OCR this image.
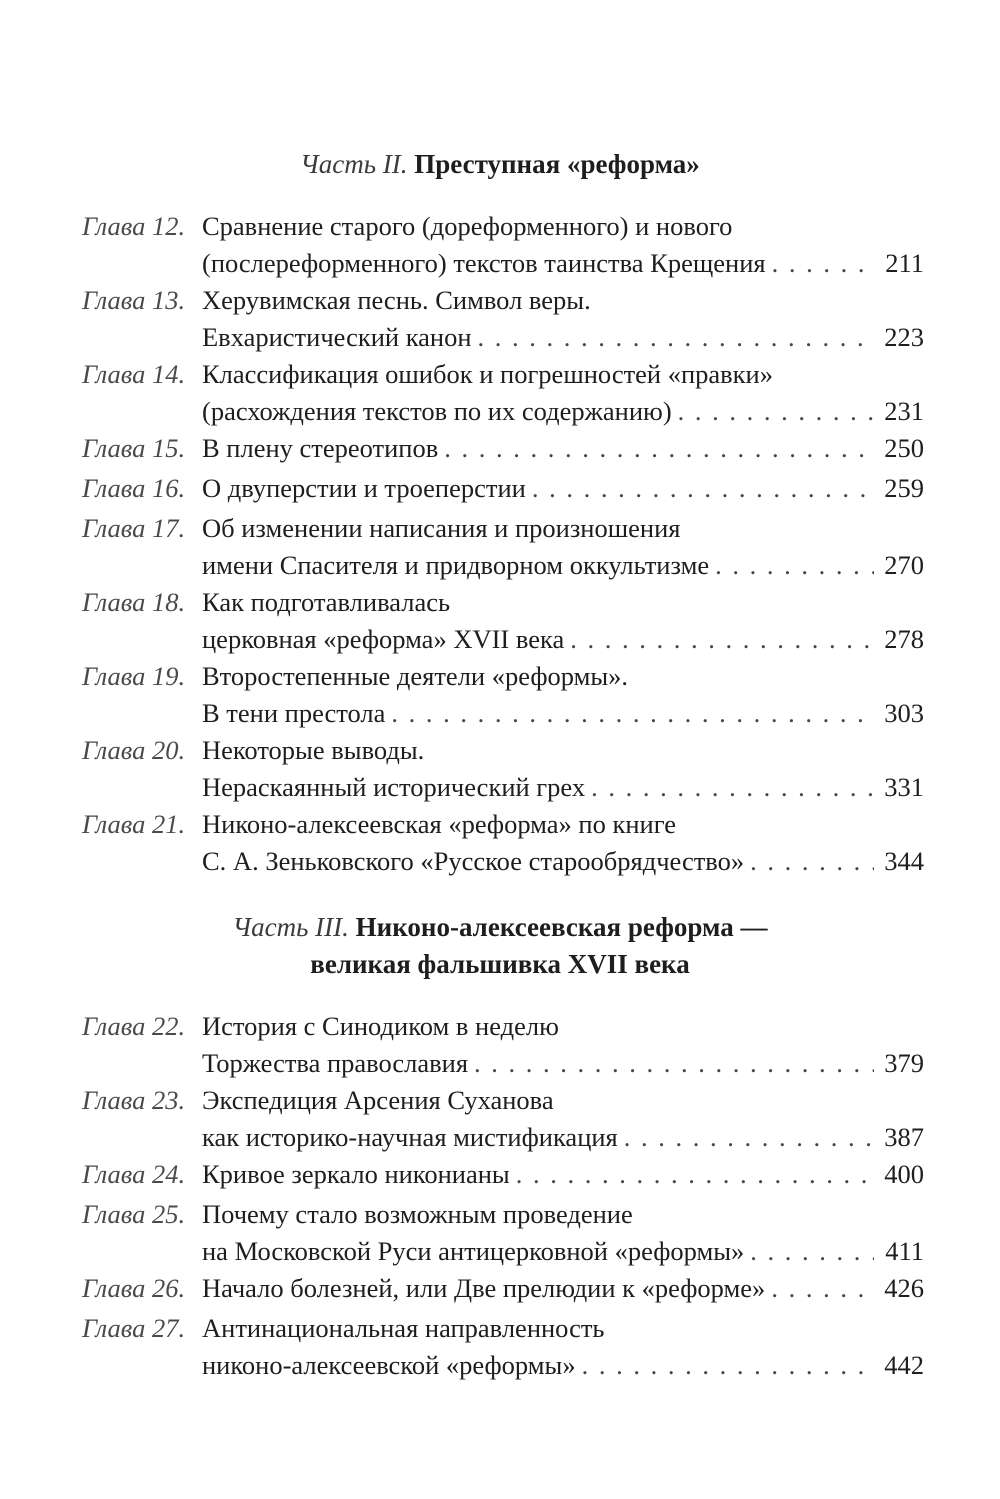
Часть II. Преступная «реформа»
Глава 12. Сравнение старого (дореформенного) и нового
(послереформенного) текстов таинства Крещения . . .	211
Глава 13. Херувимская песнь. Символ веры.
Евхаристический канон . . .	223
Глава 14. Классификация ошибок и погрешностей «правки»
(расхождения текстов по их содержанию) . . .	231
Глава 15. В плену стереотипов . . .	250
Глава 16. О двуперстии и троеперстии . . .	259
Глава 17. Об изменении написания и произношения
имени Спасителя и придворном оккультизме . . .	270
Глава 18. Как подготавливалась
церковная «реформа» XVII века . . .	278
Глава 19. Второстепенные деятели «реформы».
В тени престола . . .	303
Глава 20. Некоторые выводы.
Нераскаянный исторический грех . . .	331
Глава 21. Никоно-алексеевская «реформа» по книге
С. А. Зеньковского «Русское старообрядчество» . . .	344
Часть III. Никоно-алексеевская реформа —
великая фальшивка XVII века
Глава 22. История с Синодиком в неделю
Торжества православия . . .	379
Глава 23. Экспедиция Арсения Суханова
как историко-научная мистификация . . .	387
Глава 24. Кривое зеркало никонианы . . .	400
Глава 25. Почему стало возможным проведение
на Московской Руси антицерковной «реформы» . . .	411
Глава 26. Начало болезней, или Две прелюдии к «реформе» . . .	426
Глава 27. Антинациональная направленность
никоно-алексеевской «реформы» . . .	442
